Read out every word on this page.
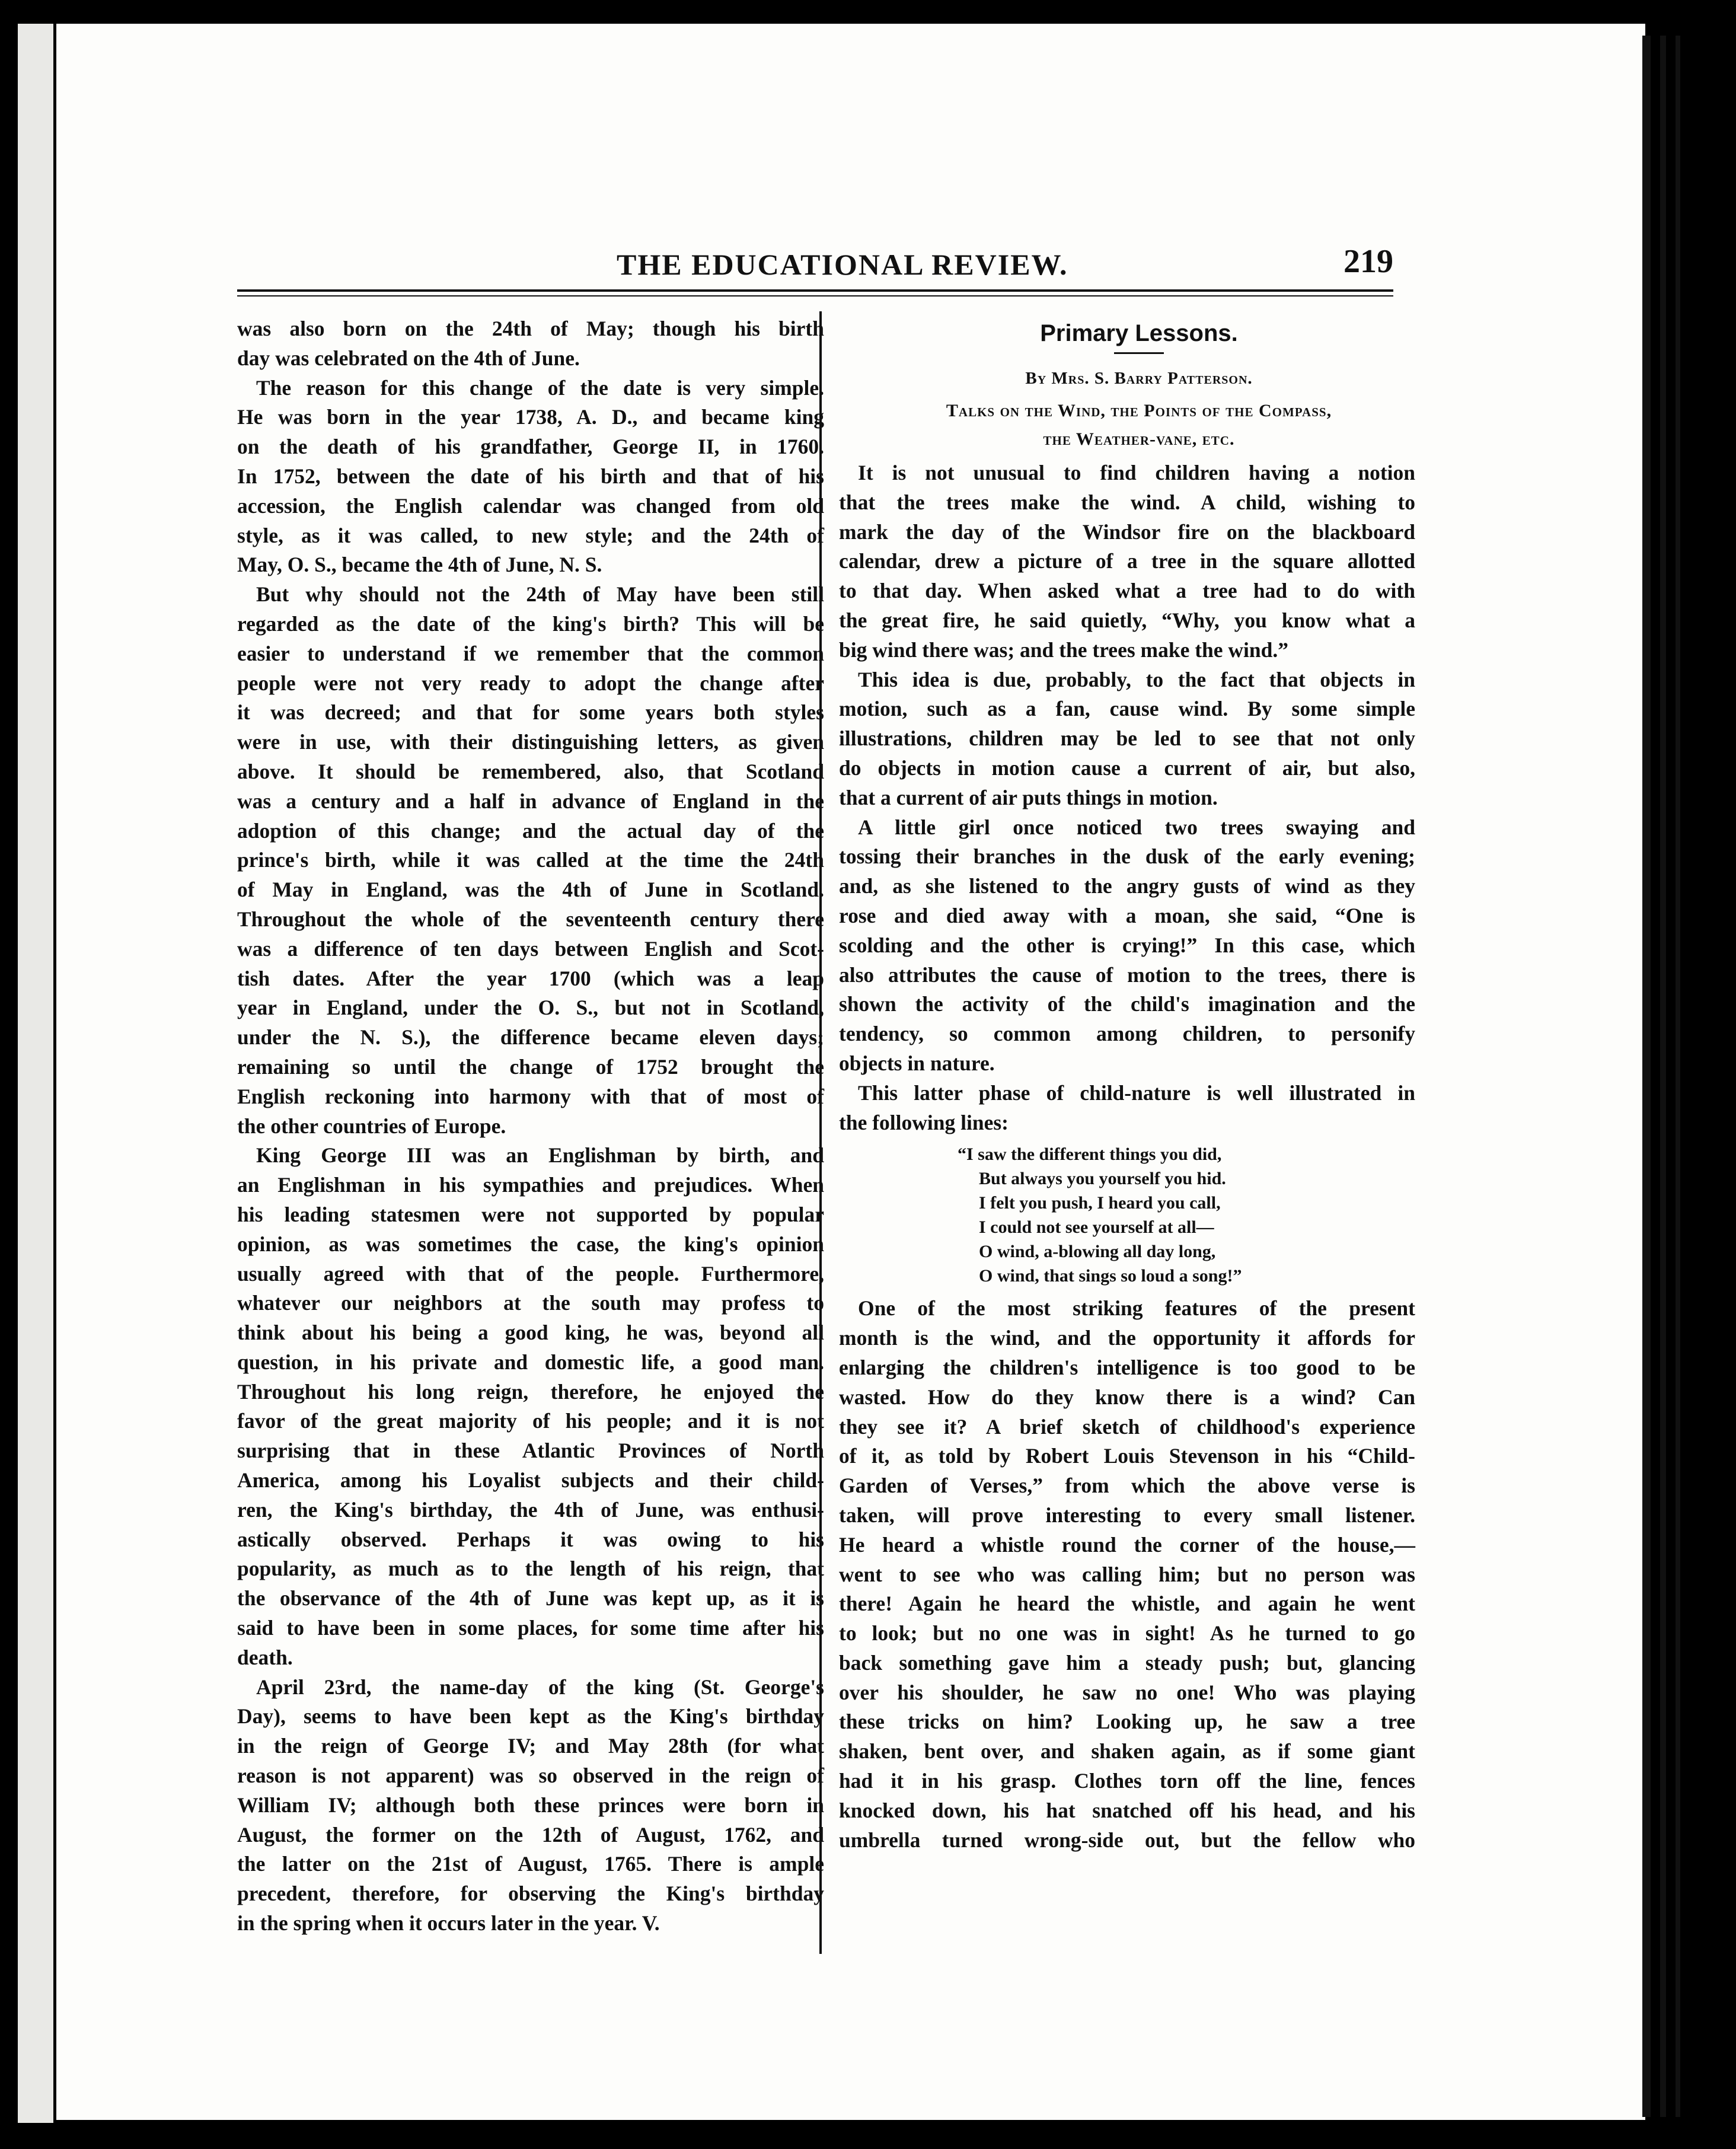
THE EDUCATIONAL REVIEW.	219
was also born on the 24th of May; though his birth
day was celebrated on the 4th of June.
The reason for this change of the date is very simple.
He was born in the year 1738, A. D., and became king
on the death of his grandfather, George II, in 1760.
In 1752, between the date of his birth and that of his
accession, the English calendar was changed from old
style, as it was called, to new style; and the 24th of
May, O. S., became the 4th of June, N. S.
But why should not the 24th of May have been still
regarded as the date of the king's birth? This will be
easier to understand if we remember that the common
people were not very ready to adopt the change after
it was decreed; and that for some years both styles
were in use, with their distinguishing letters, as given
above. It should be remembered, also, that Scotland
was a century and a half in advance of England in the
adoption of this change; and the actual day of the
prince's birth, while it was called at the time the 24th
of May in England, was the 4th of June in Scotland.
Throughout the whole of the seventeenth century there
was a difference of ten days between English and Scot-
tish dates. After the year 1700 (which was a leap
year in England, under the O. S., but not in Scotland,
under the N. S.), the difference became eleven days;
remaining so until the change of 1752 brought the
English reckoning into harmony with that of most of
the other countries of Europe.
King George III was an Englishman by birth, and
an Englishman in his sympathies and prejudices. When
his leading statesmen were not supported by popular
opinion, as was sometimes the case, the king's opinion
usually agreed with that of the people. Furthermore,
whatever our neighbors at the south may profess to
think about his being a good king, he was, beyond all
question, in his private and domestic life, a good man.
Throughout his long reign, therefore, he enjoyed the
favor of the great majority of his people; and it is not
surprising that in these Atlantic Provinces of North
America, among his Loyalist subjects and their child-
ren, the King's birthday, the 4th of June, was enthusi-
astically observed. Perhaps it was owing to his
popularity, as much as to the length of his reign, that
the observance of the 4th of June was kept up, as it is
said to have been in some places, for some time after his
death.
April 23rd, the name-day of the king (St. George's
Day), seems to have been kept as the King's birthday
in the reign of George IV; and May 28th (for what
reason is not apparent) was so observed in the reign of
William IV; although both these princes were born in
August, the former on the 12th of August, 1762, and
the latter on the 21st of August, 1765. There is ample
precedent, therefore, for observing the King's birthday
in the spring when it occurs later in the year. V.
Primary Lessons.
By Mrs. S. Barry Patterson.
Talks on the Wind, the Points of the Compass,
the Weather-vane, etc.
It is not unusual to find children having a notion
that the trees make the wind. A child, wishing to
mark the day of the Windsor fire on the blackboard
calendar, drew a picture of a tree in the square allotted
to that day. When asked what a tree had to do with
the great fire, he said quietly, “Why, you know what a
big wind there was; and the trees make the wind.”
This idea is due, probably, to the fact that objects in
motion, such as a fan, cause wind. By some simple
illustrations, children may be led to see that not only
do objects in motion cause a current of air, but also,
that a current of air puts things in motion.
A little girl once noticed two trees swaying and
tossing their branches in the dusk of the early evening;
and, as she listened to the angry gusts of wind as they
rose and died away with a moan, she said, “One is
scolding and the other is crying!” In this case, which
also attributes the cause of motion to the trees, there is
shown the activity of the child's imagination and the
tendency, so common among children, to personify
objects in nature.
This latter phase of child-nature is well illustrated in
the following lines:
“I saw the different things you did,
But always you yourself you hid.
I felt you push, I heard you call,
I could not see yourself at all—
O wind, a-blowing all day long,
O wind, that sings so loud a song!”
One of the most striking features of the present
month is the wind, and the opportunity it affords for
enlarging the children's intelligence is too good to be
wasted. How do they know there is a wind? Can
they see it? A brief sketch of childhood's experience
of it, as told by Robert Louis Stevenson in his “Child-
Garden of Verses,” from which the above verse is
taken, will prove interesting to every small listener.
He heard a whistle round the corner of the house,—
went to see who was calling him; but no person was
there! Again he heard the whistle, and again he went
to look; but no one was in sight! As he turned to go
back something gave him a steady push; but, glancing
over his shoulder, he saw no one! Who was playing
these tricks on him? Looking up, he saw a tree
shaken, bent over, and shaken again, as if some giant
had it in his grasp. Clothes torn off the line, fences
knocked down, his hat snatched off his head, and his
umbrella turned wrong-side out, but the fellow who
